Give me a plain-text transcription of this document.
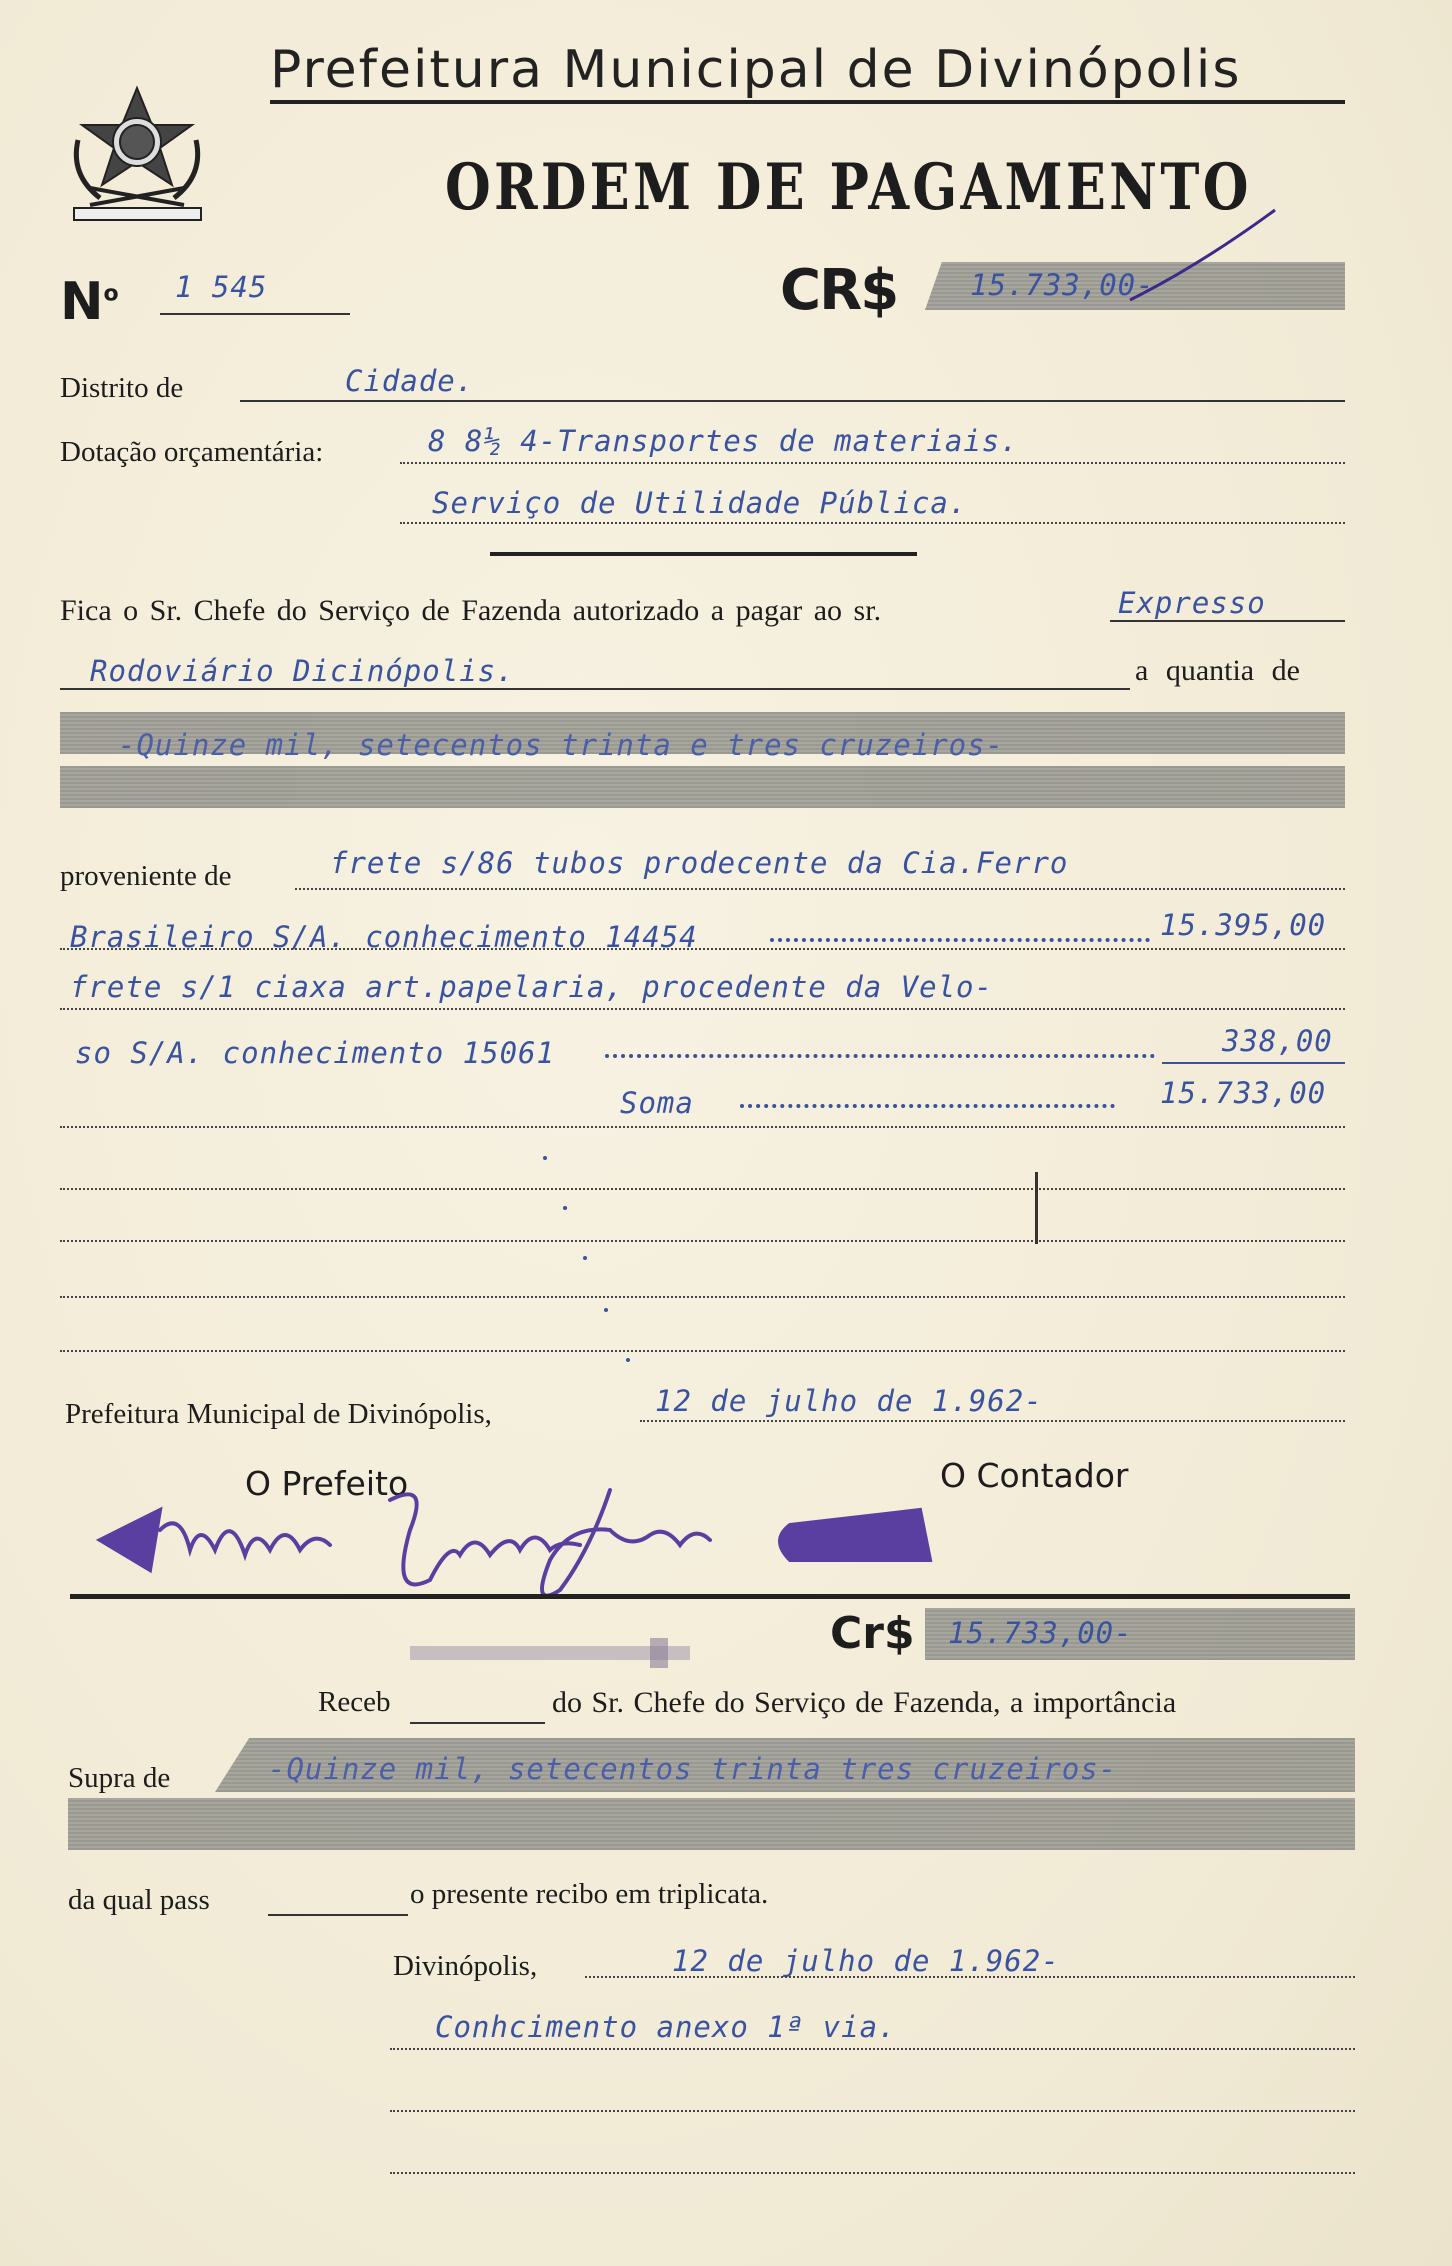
Prefeitura Municipal de Divinópolis
ORDEM DE PAGAMENTO
$N^o$ 1 545	CR$	15.733,00-
Distrito de	Cidade.
Dotação orçamentária:	8 8½ 4-Transportes de materiais.
Serviço de Utilidade Pública.
Fica o Sr. Chefe do Serviço de Fazenda autorizado a pagar ao sr.	Expresso
Rodoviário Dicinópolis.	a quantia de
-Quinze mil, setecentos trinta e tres cruzeiros-
proveniente de	frete s/86 tubos prodecente da Cia.Ferro
Brasileiro S/A. conhecimento 14454	15.395,00
frete s/1 ciaxa art.papelaria, procedente da Velo-
so S/A. conhecimento 15061	338,00
Soma	15.733,00
Prefeitura Municipal de Divinópolis,	12 de julho de 1.962-
O Prefeito	O Contador
Cr$ 15.733,00-
Receb	do Sr. Chefe do Serviço de Fazenda, a importância
Supra de	-Quinze mil, setecentos trinta tres cruzeiros-
da qual pass	o presente recibo em triplicata.
Divinópolis,	12 de julho de 1.962-
Conhcimento anexo 1ª via.
